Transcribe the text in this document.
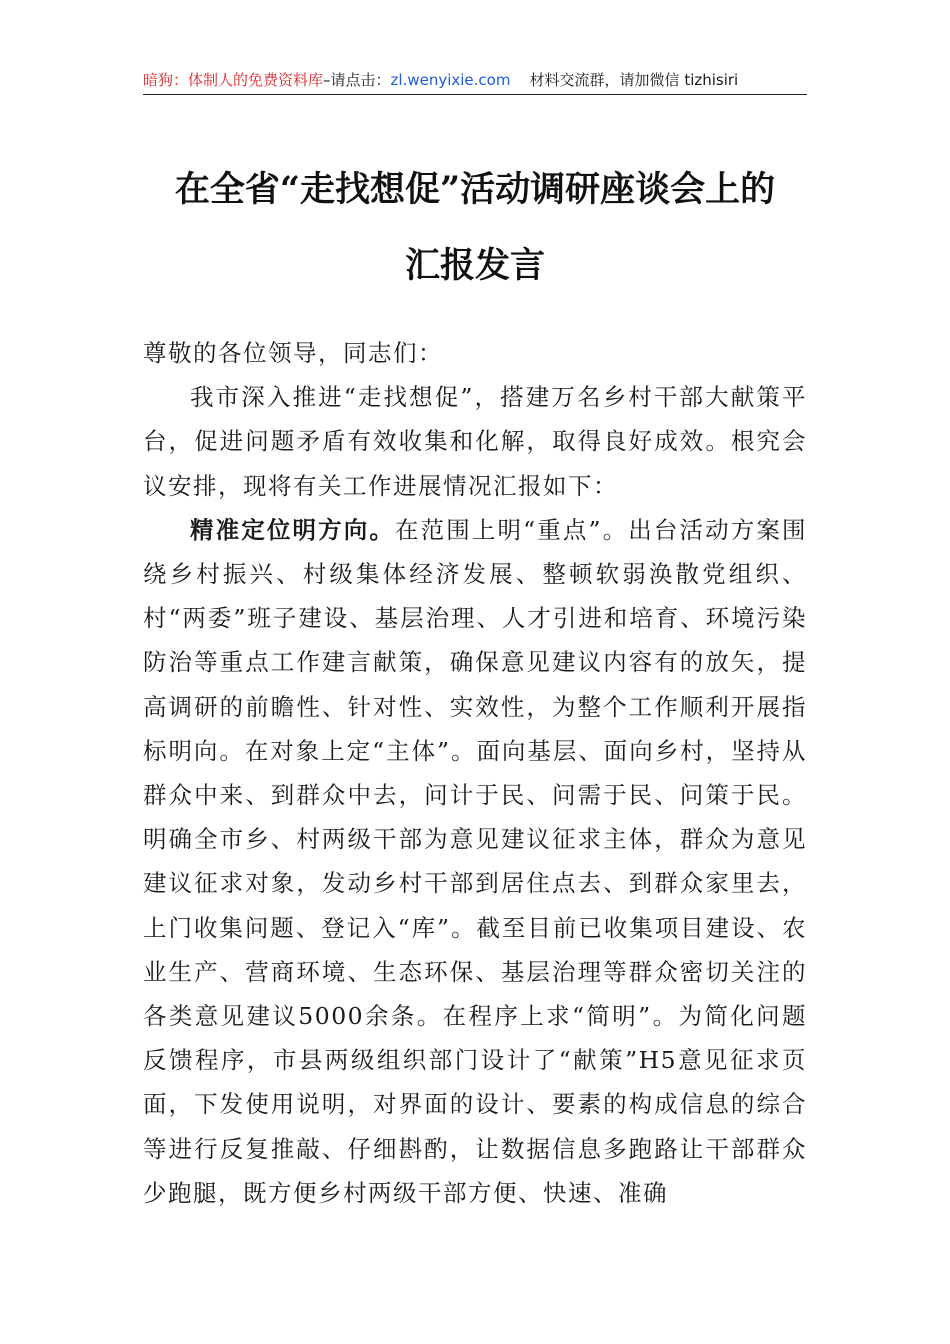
暗狗：体制人的免费资料库–请点击：zl.wenyixie.com 材料交流群，请加微信 tizhisiri
在全省“走找想促”活动调研座谈会上的
汇报发言

尊敬的各位领导，同志们：

我市深入推进“走找想促”，搭建万名乡村干部大献策平台，促进问题矛盾有效收集和化解，取得良好成效。根究会议安排，现将有关工作进展情况汇报如下：

精准定位明方向。在范围上明“重点”。出台活动方案围绕乡村振兴、村级集体经济发展、整顿软弱涣散党组织、村“两委”班子建设、基层治理、人才引进和培育、环境污染防治等重点工作建言献策，确保意见建议内容有的放矢，提高调研的前瞻性、针对性、实效性，为整个工作顺利开展指标明向。在对象上定“主体”。面向基层、面向乡村，坚持从群众中来、到群众中去，问计于民、问需于民、问策于民。明确全市乡、村两级干部为意见建议征求主体，群众为意见建议征求对象，发动乡村干部到居住点去、到群众家里去，上门收集问题、登记入“库”。截至目前已收集项目建设、农业生产、营商环境、生态环保、基层治理等群众密切关注的各类意见建议5000余条。在程序上求“简明”。为简化问题反馈程序，市县两级组织部门设计了“献策”H5意见征求页面，下发使用说明，对界面的设计、要素的构成信息的综合等进行反复推敲、仔细斟酌，让数据信息多跑路让干部群众少跑腿，既方便乡村两级干部方便、快速、准确
